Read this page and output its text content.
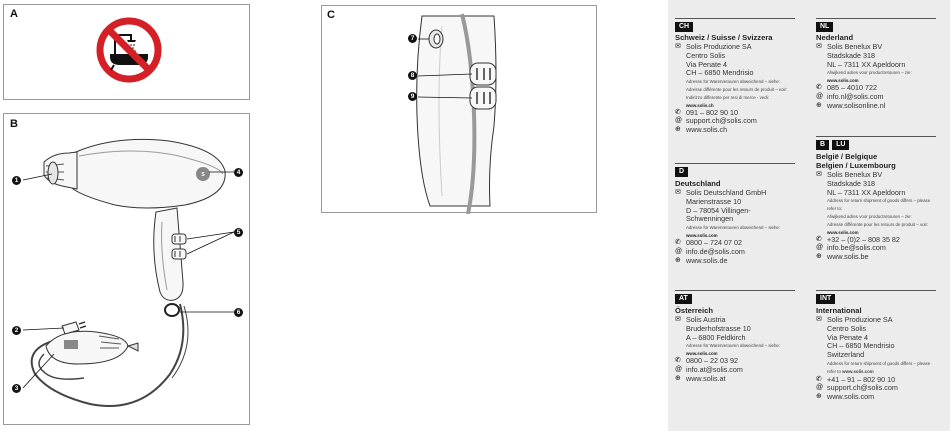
A
B
S
1
2
3
4
5
6
C
7
8
9
CH
Schweiz / Suisse / Svizzera
✉ Solis Produzione SA
Centro Solis
Via Penate 4
CH – 6850 Mendrisio
Adresse für Warenretouren abweichend – siehe:
Adresse différente pour les retours de produit – voir:
Indirizzo differente per resi di merce - vedi:
www.solis.ch
✆ 091 – 802 90 10
@ support.ch@solis.com
⊕ www.solis.ch
D
Deutschland
✉ Solis Deutschland GmbH
Marienstrasse 10
D – 78054 Villingen-
Schwenningen
Adresse für Warenretouren abweichend – siehe:
www.solis.com
✆ 0800 – 724 07 02
@ info.de@solis.com
⊕ www.solis.de
AT
Österreich
✉ Solis Austria
Bruderhofstrasse 10
A – 6800 Feldkirch
Adresse für Warenretouren abweichend – siehe:
www.solis.com
✆ 0800 – 22 03 92
@ info.at@solis.com
⊕ www.solis.at
NL
Nederland
✉ Solis Benelux BV
Stadskade 318
NL – 7311 XX Apeldoorn
Afwijkend adres voor productretouren – zie:
www.solis.com
✆ 085 – 4010 722
@ info.nl@solis.com
⊕ www.solisonline.nl
B	LU
België / Belgique
Belgien / Luxembourg
✉ Solis Benelux BV
Stadskade 318
NL – 7311 XX Apeldoorn
Address for return shipment of goods differs – please
refer to:
Afwijkend adres voor productretouren – zie:
Adresse différente pour les retours de produit – voir:
www.solis.com
✆ +32 – (0)2 – 808 35 82
@ info.be@solis.com
⊕ www.solis.be
INT
International
✉ Solis Produzione SA
Centro Solis
Via Penate 4
CH – 6850 Mendrisio
Switzerland
Address for return shipment of goods differs – please
refer to www.solis.com
✆ +41 – 91 – 802 90 10
@ support.ch@solis.com
⊕ www.solis.com
